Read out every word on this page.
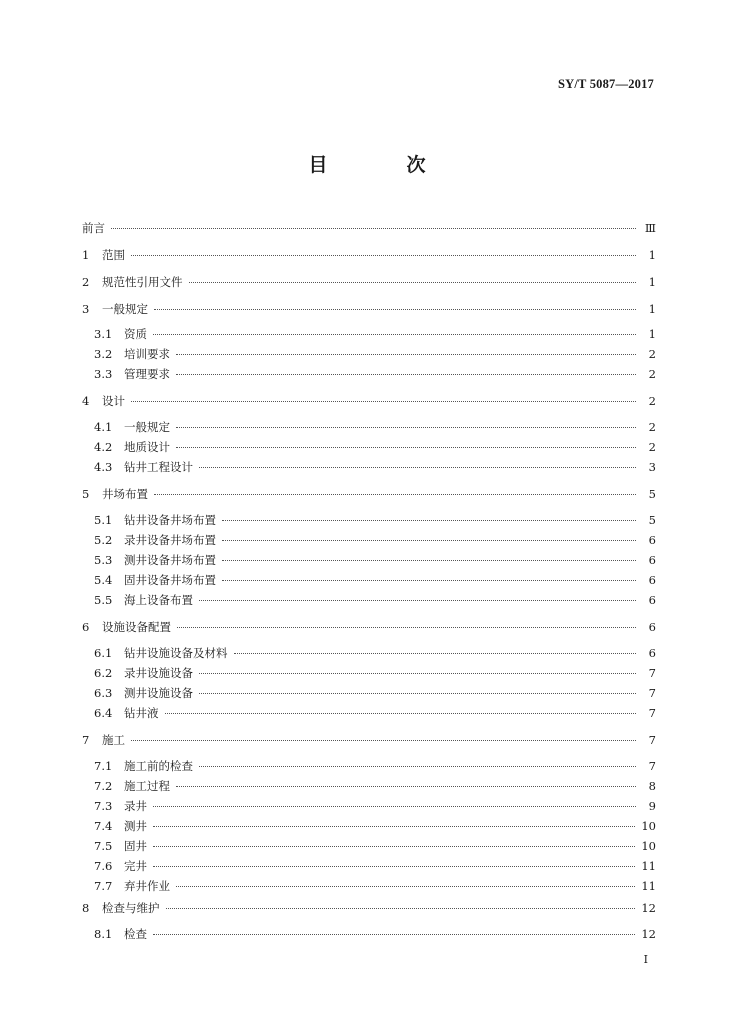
SY/T 5087—2017
目　次
前言	Ⅲ
1	范围	1
2	规范性引用文件	1
3	一般规定	1
3.1	资质	1
3.2	培训要求	2
3.3	管理要求	2
4	设计	2
4.1	一般规定	2
4.2	地质设计	2
4.3	钻井工程设计	3
5	井场布置	5
5.1	钻井设备井场布置	5
5.2	录井设备井场布置	6
5.3	测井设备井场布置	6
5.4	固井设备井场布置	6
5.5	海上设备布置	6
6	设施设备配置	6
6.1	钻井设施设备及材料	6
6.2	录井设施设备	7
6.3	测井设施设备	7
6.4	钻井液	7
7	施工	7
7.1	施工前的检查	7
7.2	施工过程	8
7.3	录井	9
7.4	测井	10
7.5	固井	10
7.6	完井	11
7.7	弃井作业	11
8	检查与维护	12
8.1	检查	12
I
